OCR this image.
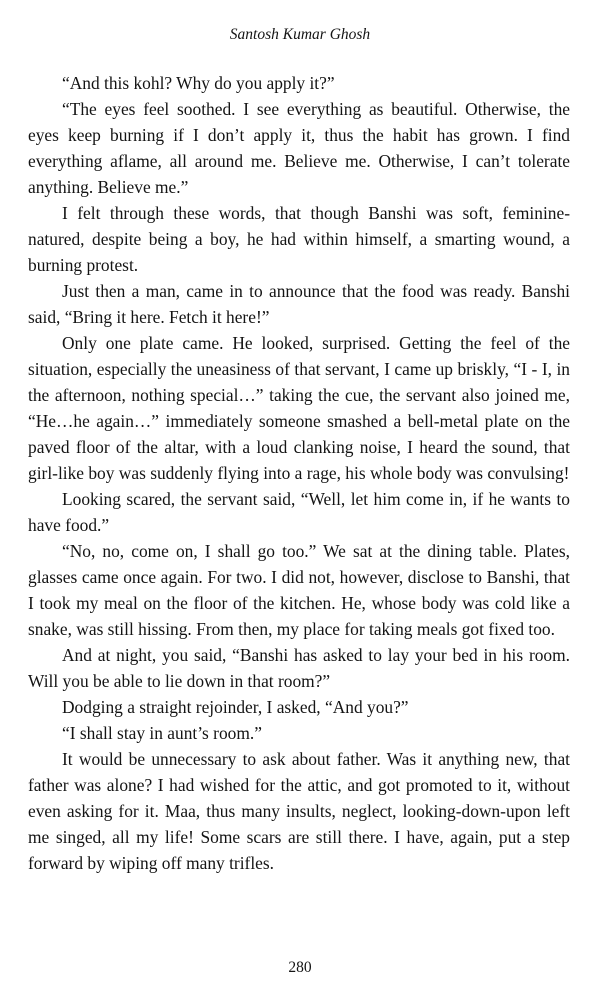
Santosh Kumar Ghosh

“And this kohl? Why do you apply it?”

“The eyes feel soothed. I see everything as beautiful. Otherwise, the eyes keep burning if I don’t apply it, thus the habit has grown. I find everything aflame, all around me. Believe me. Otherwise, I can’t tolerate anything. Believe me.”

I felt through these words, that though Banshi was soft, feminine-natured, despite being a boy, he had within himself, a smarting wound, a burning protest.

Just then a man, came in to announce that the food was ready. Banshi said, “Bring it here. Fetch it here!”

Only one plate came. He looked, surprised. Getting the feel of the situation, especially the uneasiness of that servant, I came up briskly, “I - I, in the afternoon, nothing special…” taking the cue, the servant also joined me, “He…he again…” immediately someone smashed a bell-metal plate on the paved floor of the altar, with a loud clanking noise, I heard the sound, that girl-like boy was suddenly flying into a rage, his whole body was convulsing!

Looking scared, the servant said, “Well, let him come in, if he wants to have food.”

“No, no, come on, I shall go too.” We sat at the dining table. Plates, glasses came once again. For two. I did not, however, disclose to Banshi, that I took my meal on the floor of the kitchen. He, whose body was cold like a snake, was still hissing. From then, my place for taking meals got fixed too.

And at night, you said, “Banshi has asked to lay your bed in his room. Will you be able to lie down in that room?”

Dodging a straight rejoinder, I asked, “And you?”

“I shall stay in aunt’s room.”

It would be unnecessary to ask about father. Was it anything new, that father was alone? I had wished for the attic, and got promoted to it, without even asking for it. Maa, thus many insults, neglect, looking-down-upon left me singed, all my life! Some scars are still there. I have, again, put a step forward by wiping off many trifles.

280
